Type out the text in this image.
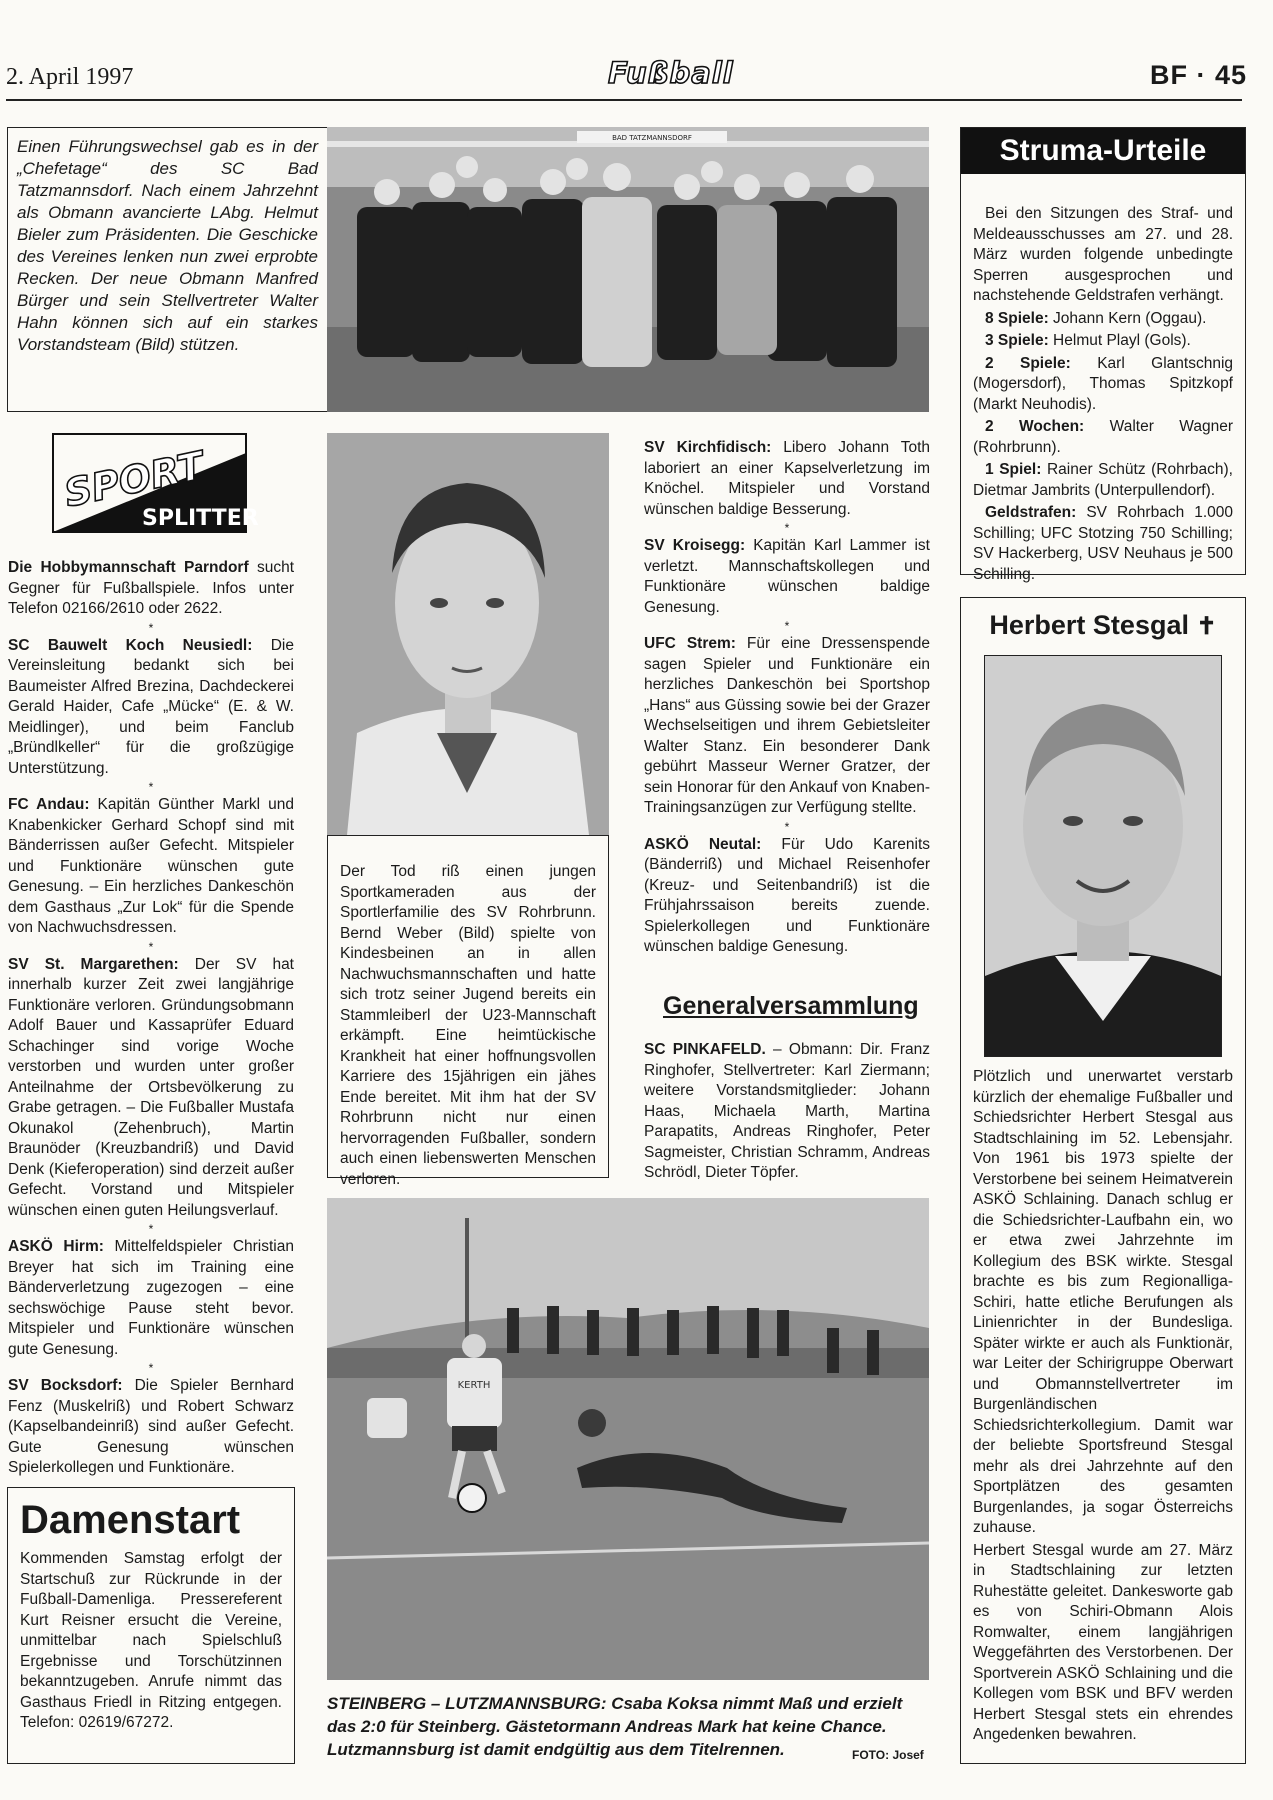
2. April 1997	Fußball	BF · 45
Einen Führungswechsel gab es in der „Chefetage“ des SC Bad Tatzmannsdorf. Nach einem Jahrzehnt als Obmann avancierte LAbg. Helmut Bieler zum Präsidenten. Die Geschicke des Vereines lenken nun zwei erprobte Recken. Der neue Obmann Manfred Bürger und sein Stellvertreter Walter Hahn können sich auf ein starkes Vorstandsteam (Bild) stützen.
BAD TATZMANNSDORF
SPORT
SPLITTER

Die Hobbymannschaft Parndorf sucht Gegner für Fußballspiele. Infos unter Telefon 02166/2610 oder 2622.

*

SC Bauwelt Koch Neusiedl: Die Vereinsleitung bedankt sich bei Baumeister Alfred Brezina, Dachdeckerei Gerald Haider, Cafe „Mücke“ (E. & W. Meidlinger), und beim Fanclub „Bründlkeller“ für die großzügige Unterstützung.

*

FC Andau: Kapitän Günther Markl und Knabenkicker Gerhard Schopf sind mit Bänderrissen außer Gefecht. Mitspieler und Funktionäre wünschen gute Genesung. – Ein herzliches Dankeschön dem Gasthaus „Zur Lok“ für die Spende von Nachwuchsdressen.

*

SV St. Margarethen: Der SV hat innerhalb kurzer Zeit zwei langjährige Funktionäre verloren. Gründungsobmann Adolf Bauer und Kassaprüfer Eduard Schachinger sind vorige Woche verstorben und wurden unter großer Anteilnahme der Ortsbevölkerung zu Grabe getragen. – Die Fußballer Mustafa Okunakol (Zehenbruch), Martin Braunöder (Kreuzbandriß) und David Denk (Kieferoperation) sind derzeit außer Gefecht. Vorstand und Mitspieler wünschen einen guten Heilungsverlauf.

*

ASKÖ Hirm: Mittelfeldspieler Christian Breyer hat sich im Training eine Bänderverletzung zugezogen – eine sechswöchige Pause steht bevor. Mitspieler und Funktionäre wünschen gute Genesung.

*

SV Bocksdorf: Die Spieler Bernhard Fenz (Muskelriß) und Robert Schwarz (Kapselbandeinriß) sind außer Gefecht. Gute Genesung wünschen Spielerkollegen und Funktionäre.

Damenstart
Kommenden Samstag erfolgt der Startschuß zur Rückrunde in der Fußball-Damenliga. Pressereferent Kurt Reisner ersucht die Vereine, unmittelbar nach Spielschluß Ergebnisse und Torschützinnen bekanntzugeben. Anrufe nimmt das Gasthaus Friedl in Ritzing entgegen. Telefon: 02619/67272.
Der Tod riß einen jungen Sportkameraden aus der Sportlerfamilie des SV Rohrbrunn. Bernd Weber (Bild) spielte von Kindesbeinen an in allen Nachwuchsmannschaften und hatte sich trotz seiner Jugend bereits ein Stammleiberl der U23-Mannschaft erkämpft. Eine heimtückische Krankheit hat einer hoffnungsvollen Karriere des 15jährigen ein jähes Ende bereitet. Mit ihm hat der SV Rohrbrunn nicht nur einen hervorragenden Fußballer, sondern auch einen liebenswerten Menschen verloren.

SV Kirchfidisch: Libero Johann Toth laboriert an einer Kapselverletzung im Knöchel. Mitspieler und Vorstand wünschen baldige Besserung.

*

SV Kroisegg: Kapitän Karl Lammer ist verletzt. Mannschaftskollegen und Funktionäre wünschen baldige Genesung.

*

UFC Strem: Für eine Dressenspende sagen Spieler und Funktionäre ein herzliches Dankeschön bei Sportshop „Hans“ aus Güssing sowie bei der Grazer Wechselseitigen und ihrem Gebietsleiter Walter Stanz. Ein besonderer Dank gebührt Masseur Werner Gratzer, der sein Honorar für den Ankauf von Knaben-Trainingsanzügen zur Verfügung stellte.

*

ASKÖ Neutal: Für Udo Karenits (Bänderriß) und Michael Reisenhofer (Kreuz- und Seitenbandriß) ist die Frühjahrssaison bereits zuende. Spielerkollegen und Funktionäre wünschen baldige Genesung.

Generalversammlung

SC PINKAFELD. – Obmann: Dir. Franz Ringhofer, Stellvertreter: Karl Ziermann; weitere Vorstandsmitglieder: Johann Haas, Michaela Marth, Martina Parapatits, Andreas Ringhofer, Peter Sagmeister, Christian Schramm, Andreas Schrödl, Dieter Töpfer.

KERTH
STEINBERG – LUTZMANNSBURG: Csaba Koksa nimmt Maß und erzielt das 2:0 für Steinberg. Gästetormann Andreas Mark hat keine Chance. Lutzmannsburg ist damit endgültig aus dem Titelrennen.	FOTO: Josef
Struma-Urteile

Bei den Sitzungen des Straf- und Meldeausschusses am 27. und 28. März wurden folgende unbedingte Sperren ausgesprochen und nachstehende Geldstrafen verhängt.

8 Spiele: Johann Kern (Oggau).

3 Spiele: Helmut Playl (Gols).

2 Spiele: Karl Glantschnig (Mogersdorf), Thomas Spitzkopf (Markt Neuhodis).

2 Wochen: Walter Wagner (Rohrbrunn).

1 Spiel: Rainer Schütz (Rohrbach), Dietmar Jambrits (Unterpullendorf).

Geldstrafen: SV Rohrbach 1.000 Schilling; UFC Stotzing 750 Schilling; SV Hackerberg, USV Neuhaus je 500 Schilling.

Herbert Stesgal ✝

Plötzlich und unerwartet verstarb kürzlich der ehemalige Fußballer und Schiedsrichter Herbert Stesgal aus Stadtschlaining im 52. Lebensjahr. Von 1961 bis 1973 spielte der Verstorbene bei seinem Heimatverein ASKÖ Schlaining. Danach schlug er die Schiedsrichter-Laufbahn ein, wo er etwa zwei Jahrzehnte im Kollegium des BSK wirkte. Stesgal brachte es bis zum Regionalliga-Schiri, hatte etliche Berufungen als Linienrichter in der Bundesliga. Später wirkte er auch als Funktionär, war Leiter der Schirigruppe Oberwart und Obmannstellvertreter im Burgenländischen Schiedsrichterkollegium. Damit war der beliebte Sportsfreund Stesgal mehr als drei Jahrzehnte auf den Sportplätzen des gesamten Burgenlandes, ja sogar Österreichs zuhause.

Herbert Stesgal wurde am 27. März in Stadtschlaining zur letzten Ruhestätte geleitet. Dankesworte gab es von Schiri-Obmann Alois Romwalter, einem langjährigen Weggefährten des Verstorbenen. Der Sportverein ASKÖ Schlaining und die Kollegen vom BSK und BFV werden Herbert Stesgal stets ein ehrendes Angedenken bewahren.
